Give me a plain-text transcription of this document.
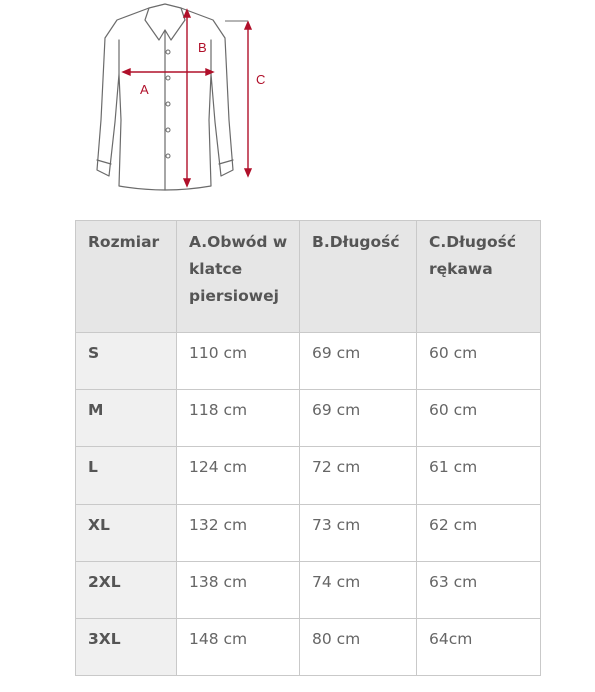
A
B
C
Rozmiar	A.Obwód w klatce piersiowej	B.Długość	C.Długość rękawa
S	110 cm	69 cm	60 cm
M	118 cm	69 cm	60 cm
L	124 cm	72 cm	61 cm
XL	132 cm	73 cm	62 cm
2XL	138 cm	74 cm	63 cm
3XL	148 cm	80 cm	64cm
